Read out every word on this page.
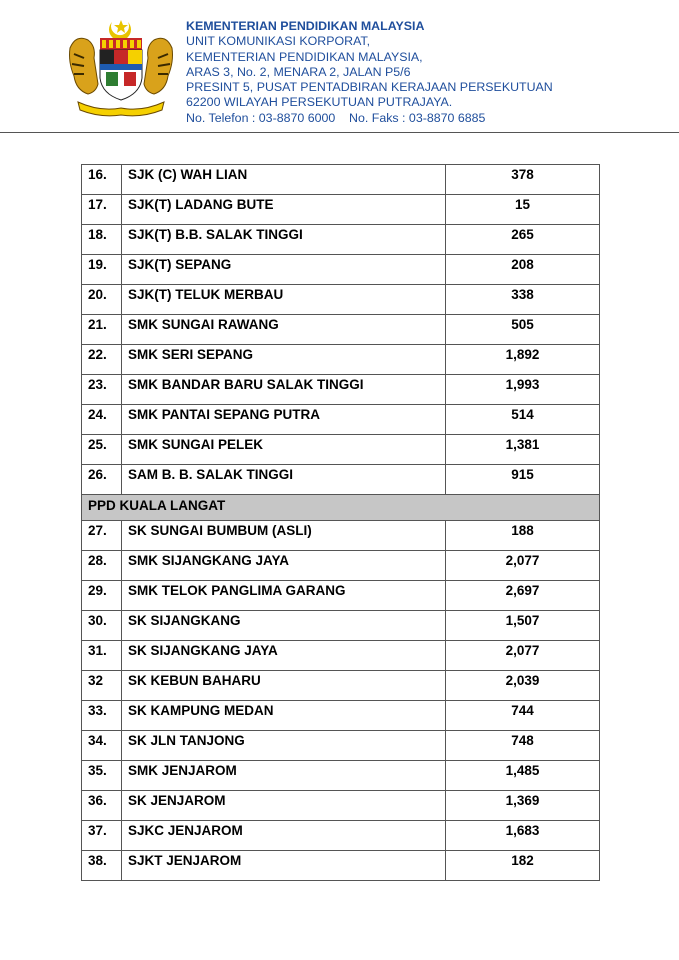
KEMENTERIAN PENDIDIKAN MALAYSIA
UNIT KOMUNIKASI KORPORAT,
KEMENTERIAN PENDIDIKAN MALAYSIA,
ARAS 3, No. 2, MENARA 2, JALAN P5/6
PRESINT 5, PUSAT PENTADBIRAN KERAJAAN PERSEKUTUAN
62200 WILAYAH PERSEKUTUAN PUTRAJAYA.
No. Telefon : 03-8870 6000    No. Faks : 03-8870 6885
16.	SJK (C) WAH LIAN	378
17.	SJK(T) LADANG BUTE	15
18.	SJK(T) B.B. SALAK TINGGI	265
19.	SJK(T) SEPANG	208
20.	SJK(T) TELUK MERBAU	338
21.	SMK SUNGAI RAWANG	505
22.	SMK SERI SEPANG	1,892
23.	SMK BANDAR BARU SALAK TINGGI	1,993
24.	SMK PANTAI SEPANG PUTRA	514
25.	SMK SUNGAI PELEK	1,381
26.	SAM B. B. SALAK TINGGI	915
PPD KUALA LANGAT		
27.	SK SUNGAI BUMBUM (ASLI)	188
28.	SMK SIJANGKANG JAYA	2,077
29.	SMK TELOK PANGLIMA GARANG	2,697
30.	SK SIJANGKANG	1,507
31.	SK SIJANGKANG JAYA	2,077
32	SK KEBUN BAHARU	2,039
33.	SK KAMPUNG MEDAN	744
34.	SK JLN TANJONG	748
35.	SMK JENJAROM	1,485
36.	SK JENJAROM	1,369
37.	SJKC JENJAROM	1,683
38.	SJKT JENJAROM	182
